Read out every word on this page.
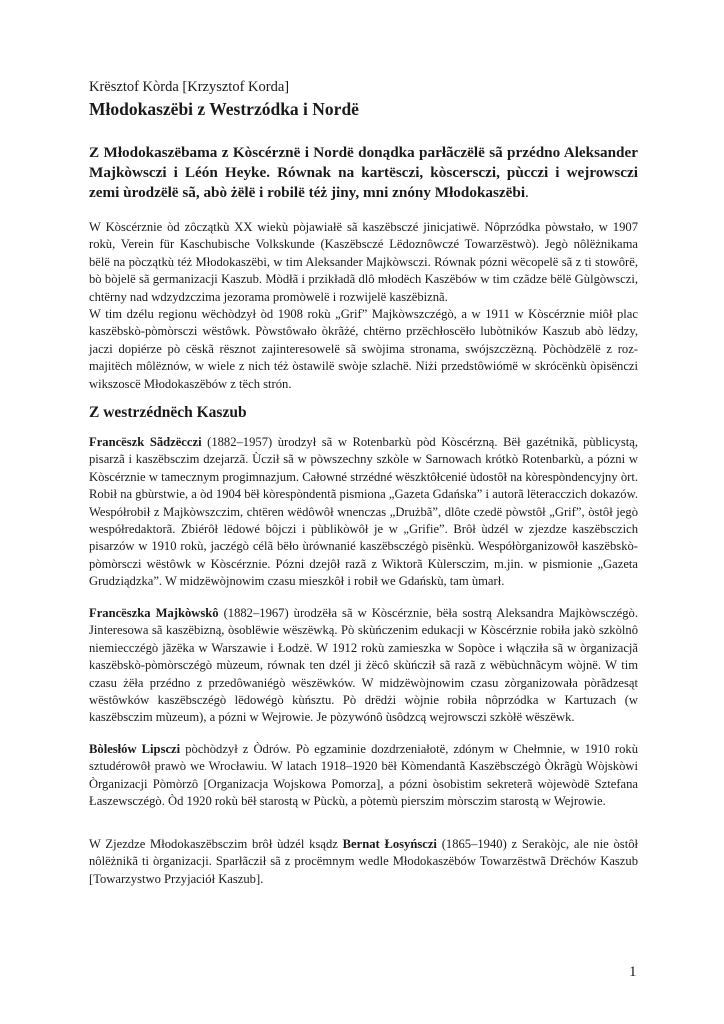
Krësztof Kòrda [Krzysztof Korda]
Młodokaszëbi z Westrzódka i Nordë
Z Młodokaszëbama z Kòscérznë i Nordë donądka parłãczëlë sã przédno Aleksander Majkòwsczi i Léón Heyke. Równak na kartësczi, kòscersczi, pùcczi i wejrowsczi zemi ùrodzëlë sã, abò żëlë i robilë téż jiny, mni znóny Młodokaszëbi.

W Kòscérznie òd zôczątkù XX wiekù pòjawiałë sã kaszëbsczé jinicjatiwë. Nôprzódka pòwstało, w 1907 rokù, Verein für Kaschubische Volkskunde (Kaszëbsczé Lëdoznôwczé Towarzëstwò). Jegò nôlëżnikama bëlë na pòczątkù téż Młodokaszëbi, w tim Aleksander Majkòwsczi. Równak pózni wëcopelë sã z ti stowôrë, bò bòjelë sã germanizacji Kaszub. Mòdłã i przikładã dlô młodëch Kaszëbów w tim czãdze bëlë Gùlgòwsczi, chtërny nad wdzydzczima jezorama promòwelë i rozwijelë kaszëbiznã.

W tim dzélu regionu wëchòdzył òd 1908 rokù „Grif” Majkòwszczégò, a w 1911 w Kòscérznie miôł plac kaszëbskò-pòmòrsczi wëstôwk. Pòwstôwało òkrãżé, chtërno przëchłoscëło lubòtników Kaszub abò lëdzy, jaczi dopiérze pò cëskã rësznot zajinteresowelë sã swòjima stronama, swójszczëzną. Pòchòdzëlë z rozmajitëch môlëznów, w wiele z nich téż òstawilë swòje szlachë. Niżi przedstôwiómë w skrócënkù òpisënczi wikszoscë Młodokaszëbów z tëch strón.

Z westrzédnëch Kaszub

Francëszk Sãdzëcczi (1882–1957) ùrodzył sã w Rotenbarkù pòd Kòscérzną. Bëł gazétnikã, pùblicystą, pisarzã i kaszëbsczim dzejarzã. Ùcził sã w pòwszechny szkòle w Sarnowach krótkò Rotenbarkù, a pózni w Kòscérznie w tamecznym progimnazjum. Całowné strzédné wëszktôłcenié ùdostôł na kòrespòndencyjny òrt. Robił na gbùrstwie, a òd 1904 bëł kòrespòndentã pismiona „Gazeta Gdańska” i autorã lëteracczich dokazów. Wespółrobił z Majkòwszczim, chtëren wëdôwôł wnenczas „Drużbã”, dlôte czedë pòwstôł „Grif”, òstôł jegò wespółredaktorã. Zbiérôł lëdowé bôjczi i pùblikòwôł je w „Grifie”. Brôł ùdzél w zjezdze kaszëbsczich pisarzów w 1910 rokù, jaczégò célã bëło ùrównanié kaszëbsczégò pisënkù. Wespółòrganizowôł kaszëbskò-pòmòrsczi wëstôwk w Kòscérznie. Pózni dzejôł razã z Wiktorã Kùlersczim, m.jin. w pismionie „Gazeta Grudziądzka”. W midzëwòjnowim czasu mieszkôł i robił we Gdańskù, tam ùmarł.

Francëszka Majkòwskô (1882–1967) ùrodzëła sã w Kòscérznie, bëła sostrą Aleksandra Majkòwsczégò. Jinteresowa sã kaszëbizną, òsoblëwie wëszëwką. Pò skùńczenim edukacji w Kòscérznie robiła jakò szkòlnô niemiecczégò jãzëka w Warszawie i Łodzë. W 1912 rokù zamieszka w Sopòce i włącziła sã w òrganizacjã kaszëbskò-pòmòrsczégò mùzeum, równak ten dzél ji żëcô skùńcził sã razã z wëbùchnãcym wòjnë. W tim czasu żëła przédno z przedôwaniégò wëszëwków. W midzëwòjnowim czasu zòrganizowała pòrãdzesąt wëstôwków kaszëbsczégò lëdowégò kùńsztu. Pò drëdżi wòjnie robiła nôprzódka w Kartuzach (w kaszëbsczim mùzeum), a pózni w Wejrowie. Je pòzywónô ùsôdzcą wejrowsczi szkòłë wëszëwk.

Bòlesłów Lipsczi pòchòdzył z Òdrów. Pò egzaminie dozdrzeniałotë, zdónym w Chełmnie, w 1910 rokù sztudérowôł prawò we Wrocławiu. W latach 1918–1920 bëł Kòmendantã Kaszëbsczégò Òkrãgù Wòjskòwi Òrganizacji Pòmòrzô [Organizacja Wojskowa Pomorza], a pózni òsobistim sekreterã wòjewòdë Sztefana Łaszewsczégò. Òd 1920 rokù bëł starostą w Pùckù, a pòtemù pierszim mòrsczim starostą w Wejrowie.

W Zjezdze Młodokaszëbsczim brôł ùdzél ksądz Bernat Łosyńsczi (1865–1940) z Serakòjc, ale nie òstôł nôlëżnikã ti òrganizacji. Sparłãcził sã z procëmnym wedle Młodokaszëbów Towarzëstwã Drëchów Kaszub [Towarzystwo Przyjaciół Kaszub].

1
